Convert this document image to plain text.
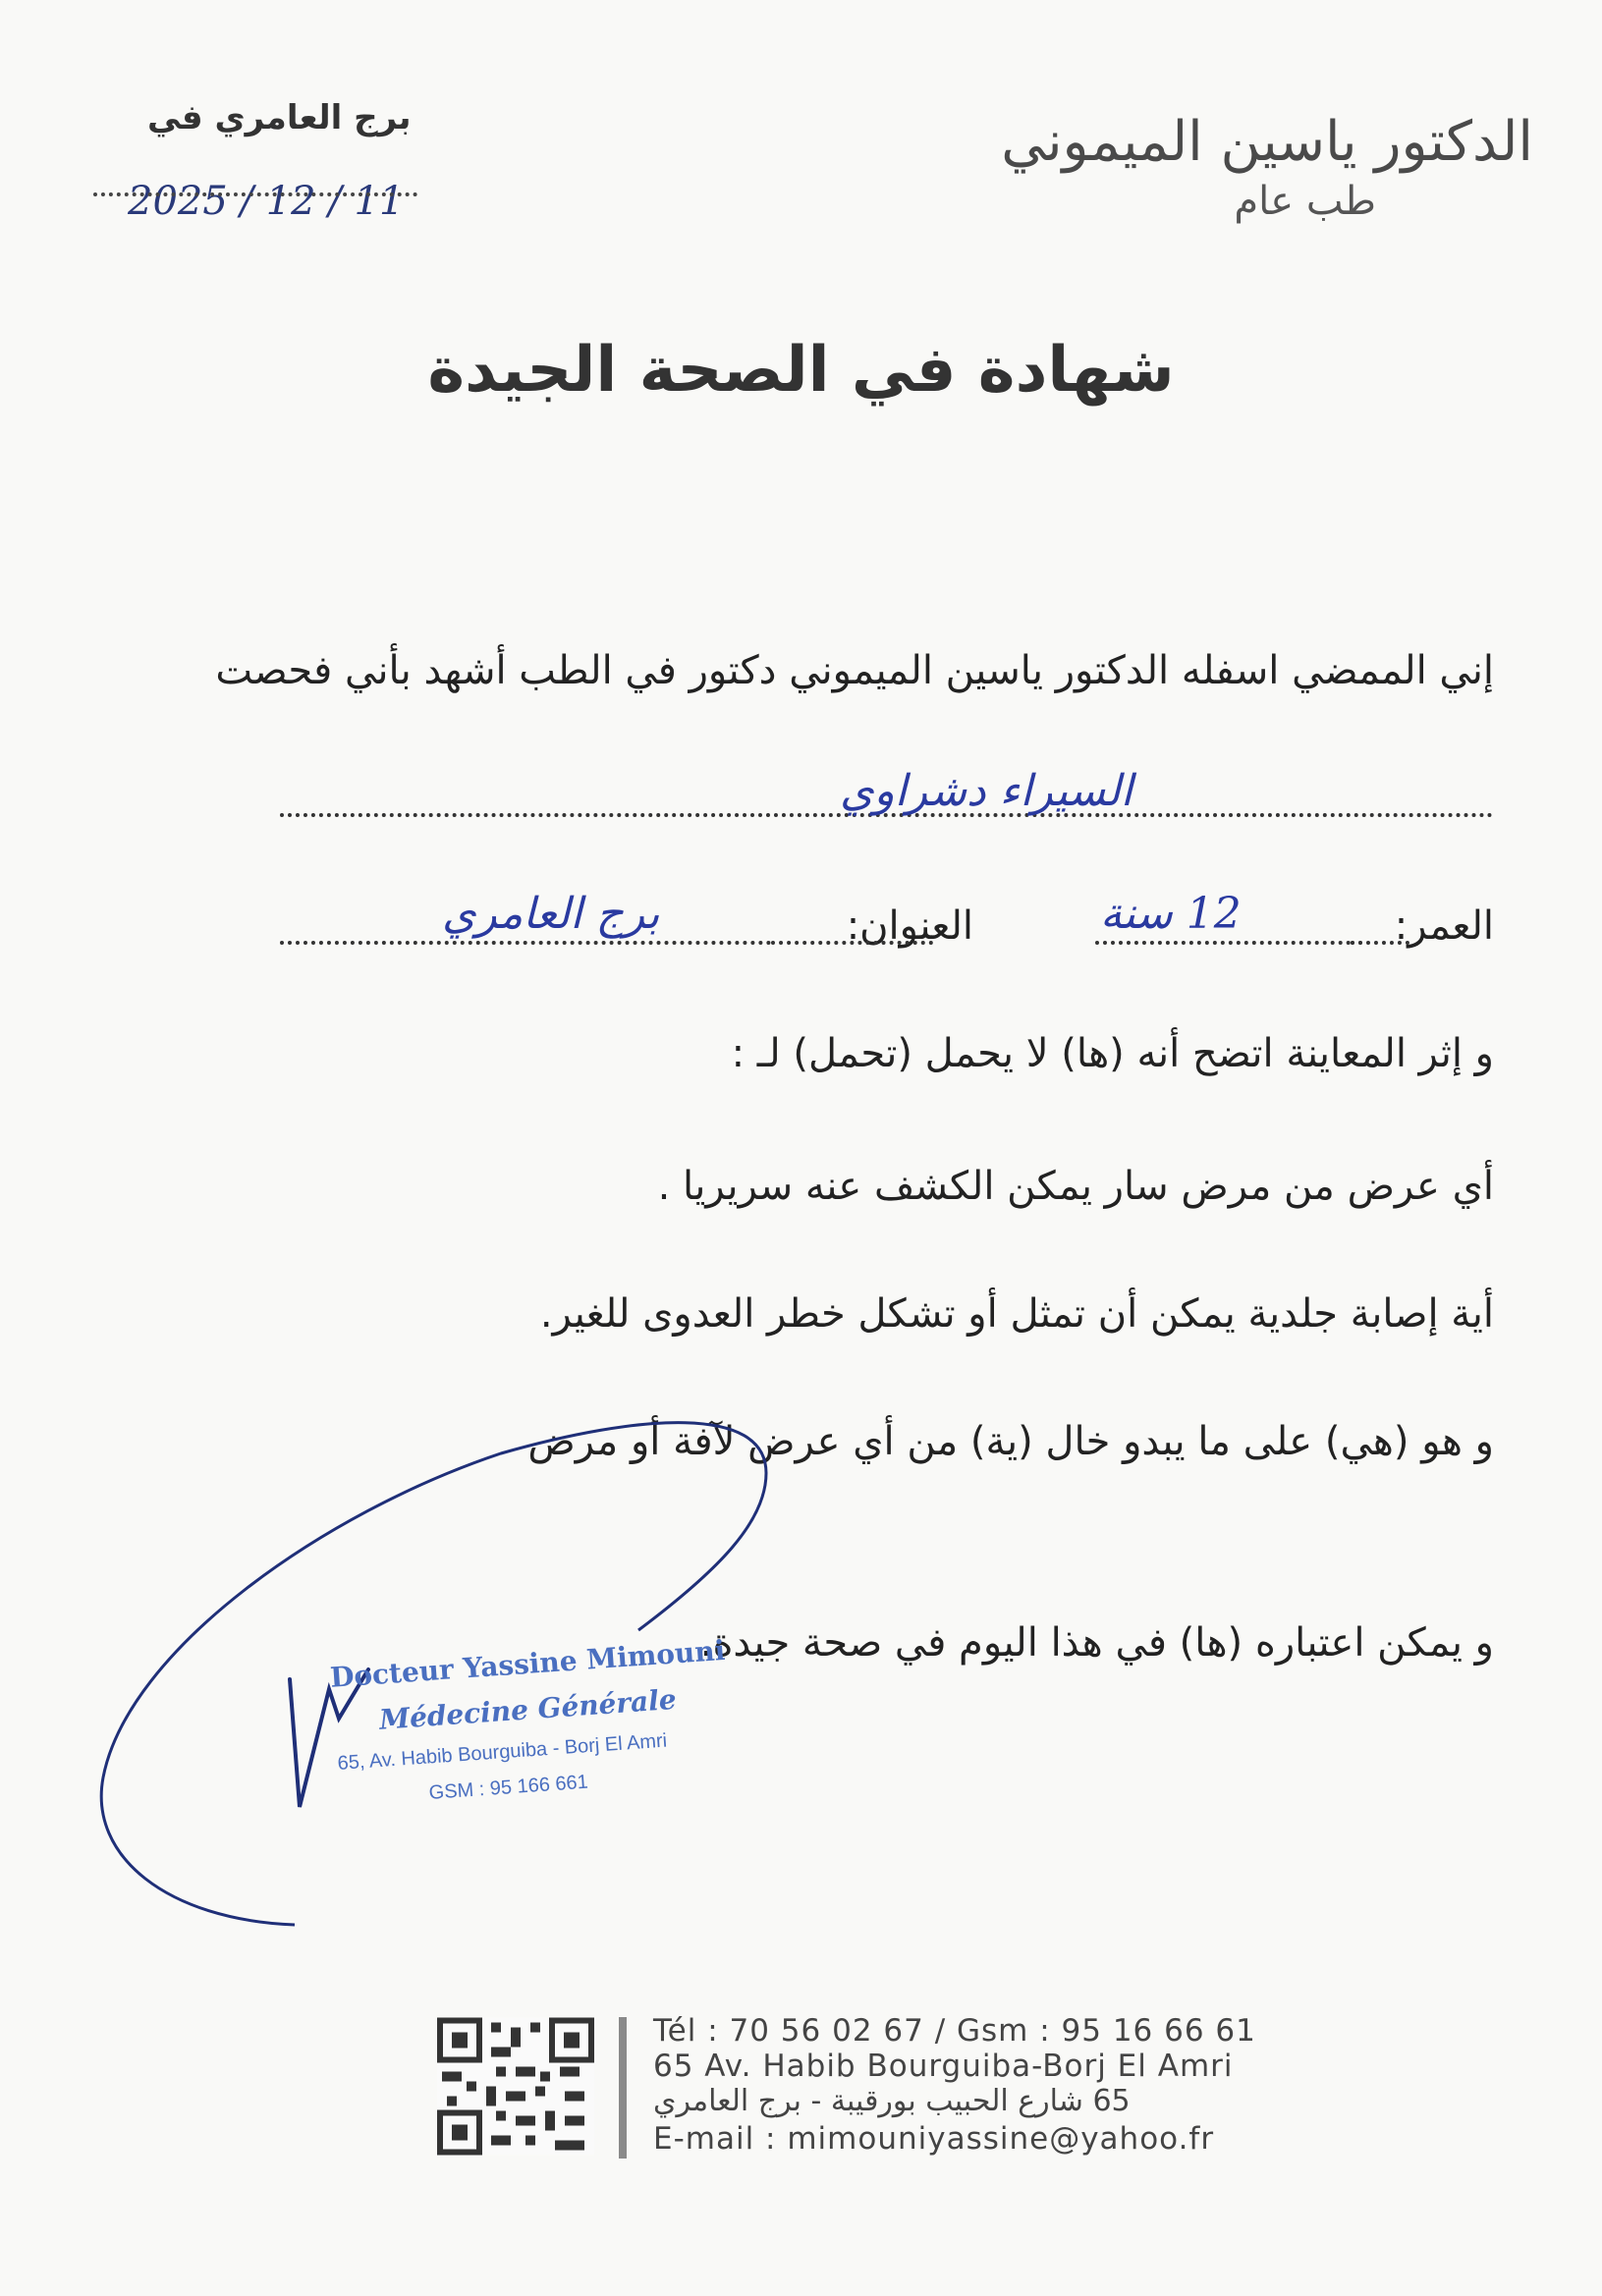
الدكتور ياسين الميموني
طب عام
برج العامري في
2025 / 12 / 11
شهادة في الصحة الجيدة
إني الممضي اسفله الدكتور ياسين الميموني دكتور في الطب أشهد بأني فحصت
السيراء دشراوي
العمر:
12 سنة
العنوان:
برج العامري
و إثر المعاينة اتضح أنه (ها) لا يحمل (تحمل) لـ :
أي عرض من مرض سار يمكن الكشف عنه سريريا .
أية إصابة جلدية يمكن أن تمثل أو تشكل خطر العدوى للغير.
و هو (هي) على ما يبدو خال (ية) من أي عرض لآفة أو مرض
و يمكن اعتباره (ها) في هذا اليوم في صحة جيدة.
Docteur Yassine Mimouni
Médecine Générale
65, Av. Habib Bourguiba - Borj El Amri
GSM : 95 166 661
Tél : 70 56 02 67 / Gsm : 95 16 66 61
65 Av. Habib Bourguiba-Borj El Amri
65 شارع الحبيب بورقيبة - برج العامري
E-mail : mimouniyassine@yahoo.fr
